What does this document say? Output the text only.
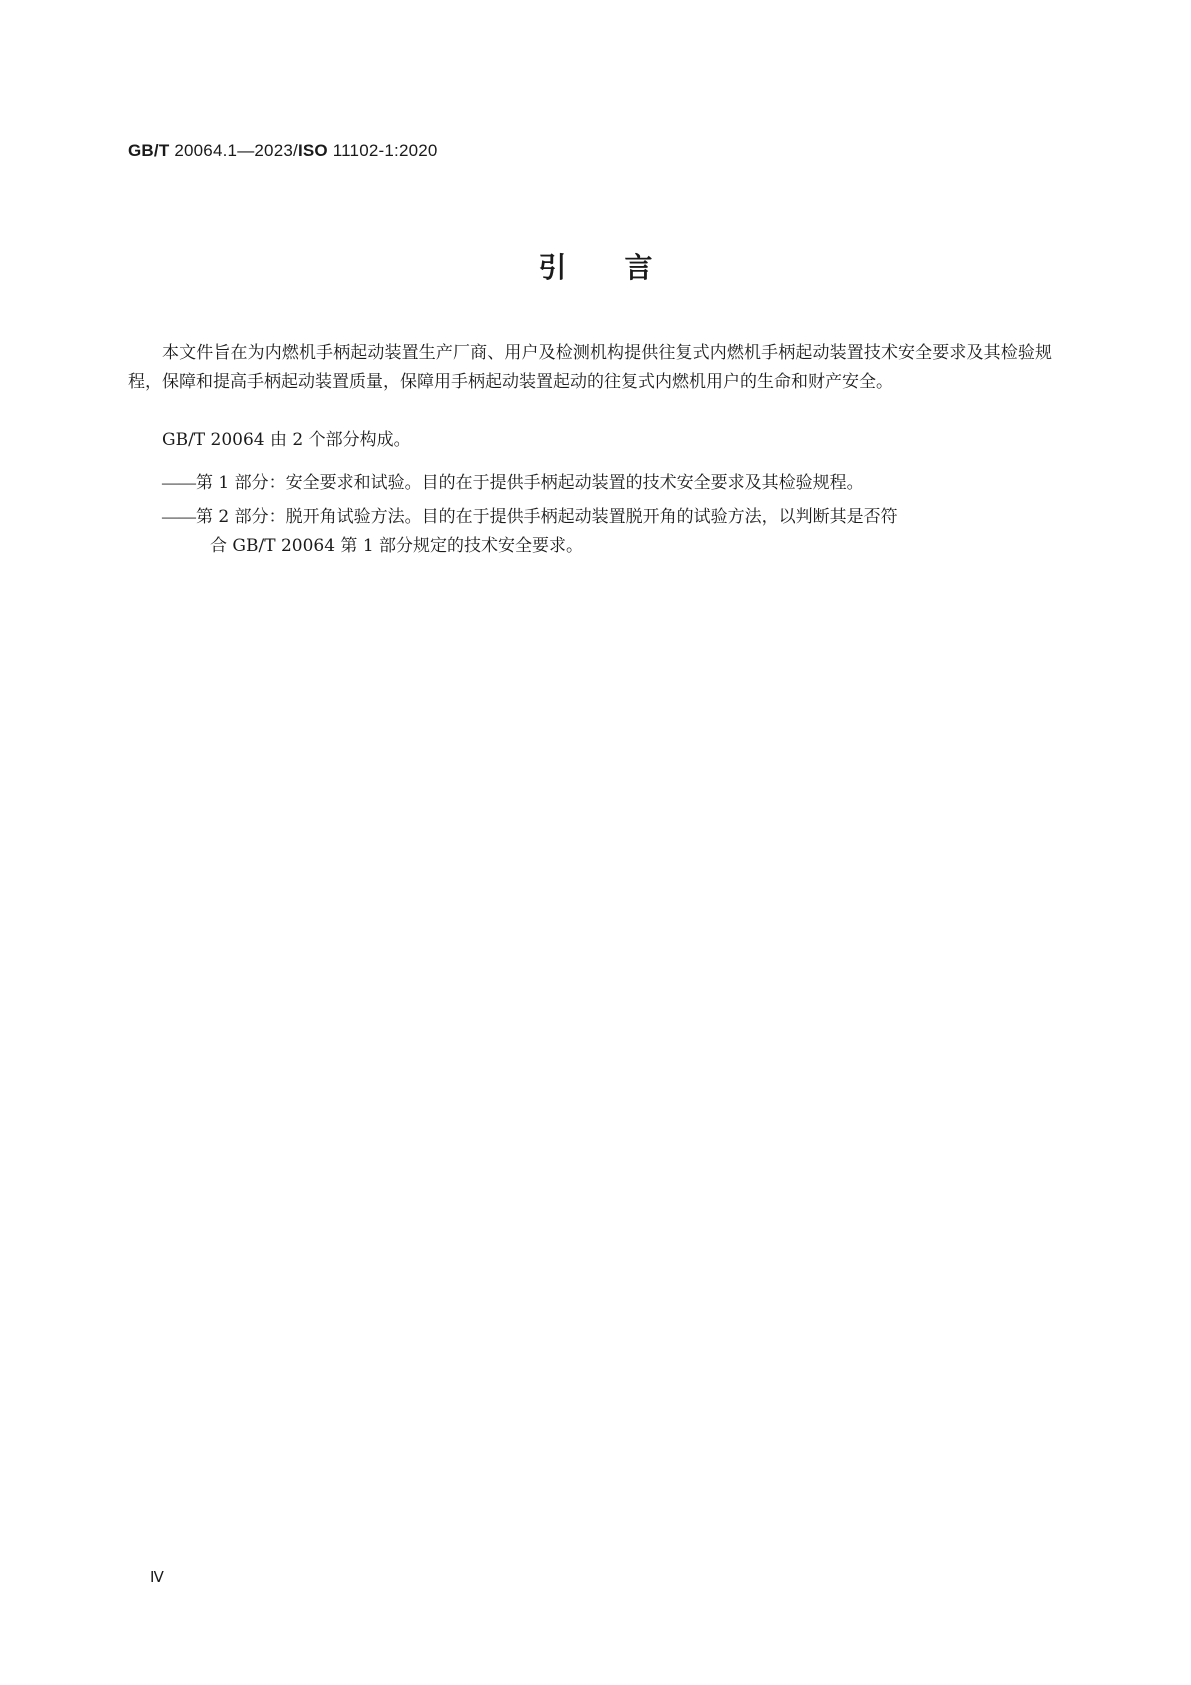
GB/T 20064.1—2023/ISO 11102-1:2020
引言
本文件旨在为内燃机手柄起动装置生产厂商、用户及检测机构提供往复式内燃机手柄起动装置技术安全要求及其检验规程，保障和提高手柄起动装置质量，保障用手柄起动装置起动的往复式内燃机用户的生命和财产安全。
GB/T 20064 由 2 个部分构成。
——第 1 部分：安全要求和试验。目的在于提供手柄起动装置的技术安全要求及其检验规程。
——第 2 部分：脱开角试验方法。目的在于提供手柄起动装置脱开角的试验方法，以判断其是否符
合 GB/T 20064 第 1 部分规定的技术安全要求。
Ⅳ
